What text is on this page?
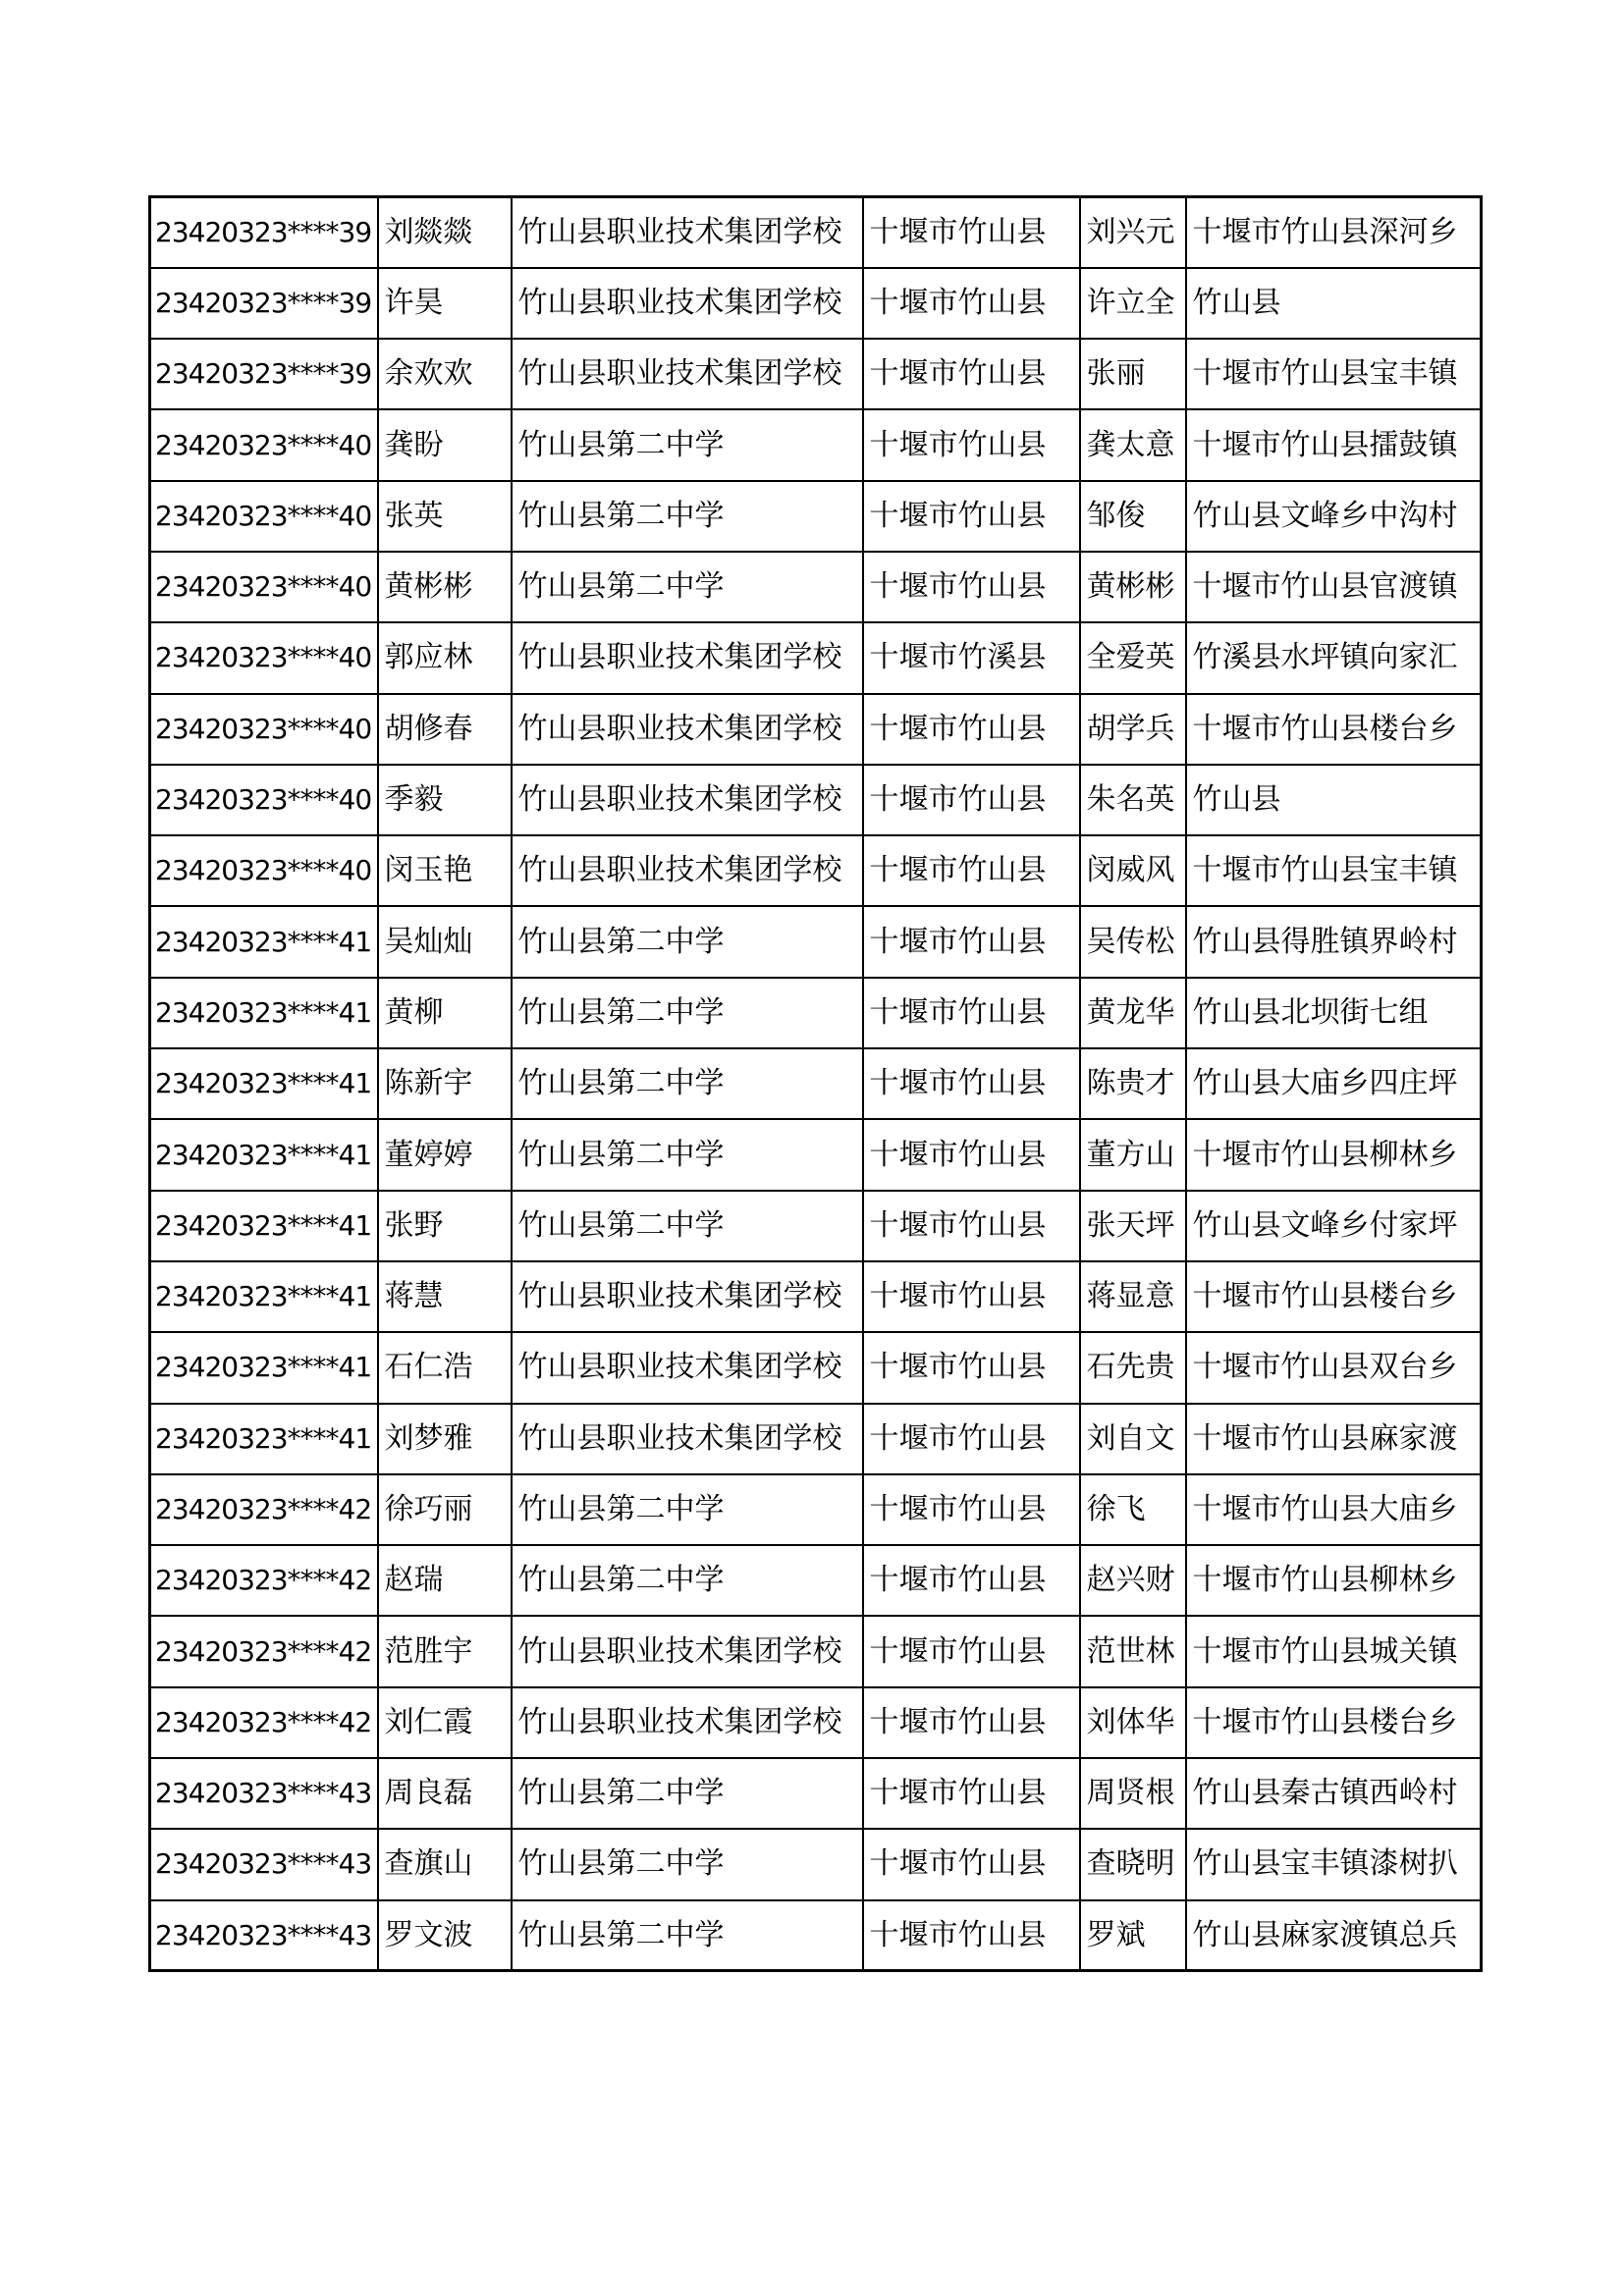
23420323****39	刘燚燚	竹山县职业技术集团学校	十堰市竹山县	刘兴元	十堰市竹山县深河乡
23420323****39	许昊	竹山县职业技术集团学校	十堰市竹山县	许立全	竹山县
23420323****39	余欢欢	竹山县职业技术集团学校	十堰市竹山县	张丽	十堰市竹山县宝丰镇
23420323****40	龚盼	竹山县第二中学	十堰市竹山县	龚太意	十堰市竹山县擂鼓镇
23420323****40	张英	竹山县第二中学	十堰市竹山县	邹俊	竹山县文峰乡中沟村
23420323****40	黄彬彬	竹山县第二中学	十堰市竹山县	黄彬彬	十堰市竹山县官渡镇
23420323****40	郭应林	竹山县职业技术集团学校	十堰市竹溪县	全爱英	竹溪县水坪镇向家汇
23420323****40	胡修春	竹山县职业技术集团学校	十堰市竹山县	胡学兵	十堰市竹山县楼台乡
23420323****40	季毅	竹山县职业技术集团学校	十堰市竹山县	朱名英	竹山县
23420323****40	闵玉艳	竹山县职业技术集团学校	十堰市竹山县	闵威风	十堰市竹山县宝丰镇
23420323****41	吴灿灿	竹山县第二中学	十堰市竹山县	吴传松	竹山县得胜镇界岭村
23420323****41	黄柳	竹山县第二中学	十堰市竹山县	黄龙华	竹山县北坝街七组
23420323****41	陈新宇	竹山县第二中学	十堰市竹山县	陈贵才	竹山县大庙乡四庄坪
23420323****41	董婷婷	竹山县第二中学	十堰市竹山县	董方山	十堰市竹山县柳林乡
23420323****41	张野	竹山县第二中学	十堰市竹山县	张天坪	竹山县文峰乡付家坪
23420323****41	蒋慧	竹山县职业技术集团学校	十堰市竹山县	蒋显意	十堰市竹山县楼台乡
23420323****41	石仁浩	竹山县职业技术集团学校	十堰市竹山县	石先贵	十堰市竹山县双台乡
23420323****41	刘梦雅	竹山县职业技术集团学校	十堰市竹山县	刘自文	十堰市竹山县麻家渡
23420323****42	徐巧丽	竹山县第二中学	十堰市竹山县	徐飞	十堰市竹山县大庙乡
23420323****42	赵瑞	竹山县第二中学	十堰市竹山县	赵兴财	十堰市竹山县柳林乡
23420323****42	范胜宇	竹山县职业技术集团学校	十堰市竹山县	范世林	十堰市竹山县城关镇
23420323****42	刘仁霞	竹山县职业技术集团学校	十堰市竹山县	刘体华	十堰市竹山县楼台乡
23420323****43	周良磊	竹山县第二中学	十堰市竹山县	周贤根	竹山县秦古镇西岭村
23420323****43	查旗山	竹山县第二中学	十堰市竹山县	查晓明	竹山县宝丰镇漆树扒
23420323****43	罗文波	竹山县第二中学	十堰市竹山县	罗斌	竹山县麻家渡镇总兵
